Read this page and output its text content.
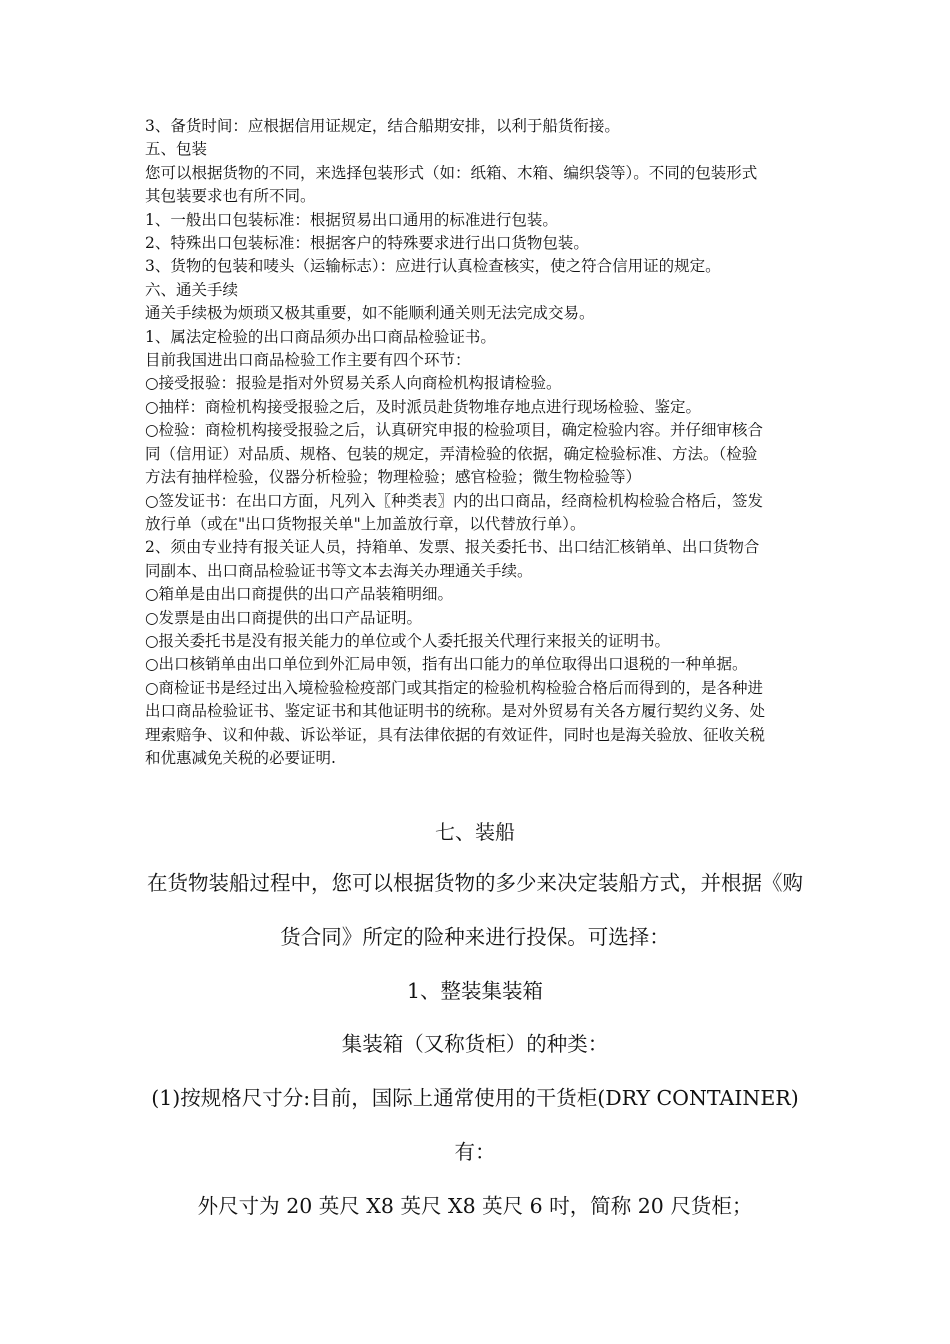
3、备货时间：应根据信用证规定，结合船期安排，以利于船货衔接。

五、包装

您可以根据货物的不同，来选择包装形式（如：纸箱、木箱、编织袋等）。不同的包装形式

其包装要求也有所不同。

1、一般出口包装标准：根据贸易出口通用的标准进行包装。

2、特殊出口包装标准：根据客户的特殊要求进行出口货物包装。

3、货物的包装和唛头（运输标志）：应进行认真检查核实，使之符合信用证的规定。

六、通关手续

通关手续极为烦琐又极其重要，如不能顺利通关则无法完成交易。

1、属法定检验的出口商品须办出口商品检验证书。

目前我国进出口商品检验工作主要有四个环节：

○接受报验：报验是指对外贸易关系人向商检机构报请检验。

○抽样：商检机构接受报验之后，及时派员赴货物堆存地点进行现场检验、鉴定。

○检验：商检机构接受报验之后，认真研究申报的检验项目，确定检验内容。并仔细审核合

同（信用证）对品质、规格、包装的规定，弄清检验的依据，确定检验标准、方法。（检验

方法有抽样检验，仪器分析检验；物理检验；感官检验；微生物检验等）

○签发证书：在出口方面，凡列入〖种类表〗内的出口商品，经商检机构检验合格后，签发

放行单（或在"出口货物报关单"上加盖放行章，以代替放行单）。

2、须由专业持有报关证人员，持箱单、发票、报关委托书、出口结汇核销单、出口货物合

同副本、出口商品检验证书等文本去海关办理通关手续。

○箱单是由出口商提供的出口产品装箱明细。

○发票是由出口商提供的出口产品证明。

○报关委托书是没有报关能力的单位或个人委托报关代理行来报关的证明书。

○出口核销单由出口单位到外汇局申领，指有出口能力的单位取得出口退税的一种单据。

○商检证书是经过出入境检验检疫部门或其指定的检验机构检验合格后而得到的，是各种进

出口商品检验证书、鉴定证书和其他证明书的统称。是对外贸易有关各方履行契约义务、处

理索赔争、议和仲裁、诉讼举证，具有法律依据的有效证件，同时也是海关验放、征收关税

和优惠减免关税的必要证明.

七、装船

在货物装船过程中，您可以根据货物的多少来决定装船方式，并根据《购

货合同》所定的险种来进行投保。可选择：

1、整装集装箱

集装箱（又称货柜）的种类：

(1)按规格尺寸分:目前，国际上通常使用的干货柜(DRY CONTAINER)

有：

外尺寸为 20 英尺 X8 英尺 X8 英尺 6 吋，简称 20 尺货柜；
